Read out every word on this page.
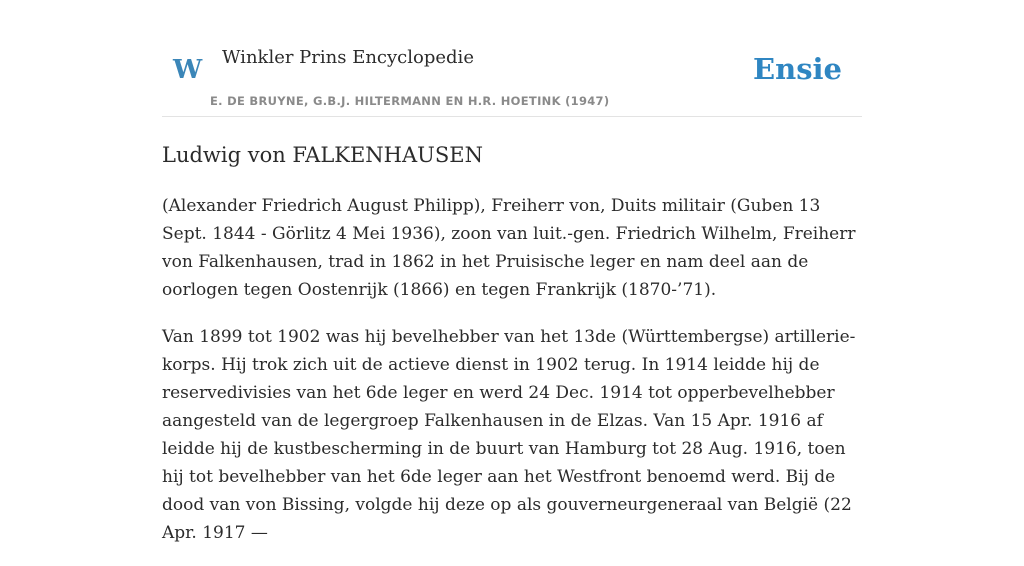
W Winkler Prins Encyclopedie
E. DE BRUYNE, G.B.J. HILTERMANN EN H.R. HOETINK (1947)
Ensie
Ludwig von FALKENHAUSEN

(Alexander Friedrich August Philipp), Freiherr von, Duits militair (Guben 13 Sept. 1844 - Görlitz 4 Mei 1936), zoon van luit.-gen. Friedrich Wilhelm, Freiherr von Falkenhausen, trad in 1862 in het Pruisische leger en nam deel aan de oorlogen tegen Oostenrijk (1866) en tegen Frankrijk (1870-’71).

Van 1899 tot 1902 was hij bevelhebber van het 13de (Württembergse) artillerie-korps. Hij trok zich uit de actieve dienst in 1902 terug. In 1914 leidde hij de reservedivisies van het 6de leger en werd 24 Dec. 1914 tot opperbevelhebber aangesteld van de legergroep Falkenhausen in de Elzas. Van 15 Apr. 1916 af leidde hij de kustbescherming in de buurt van Hamburg tot 28 Aug. 1916, toen hij tot bevelhebber van het 6de leger aan het Westfront benoemd werd. Bij de dood van von Bissing, volgde hij deze op als gouverneurgeneraal van België (22 Apr. 1917 —
